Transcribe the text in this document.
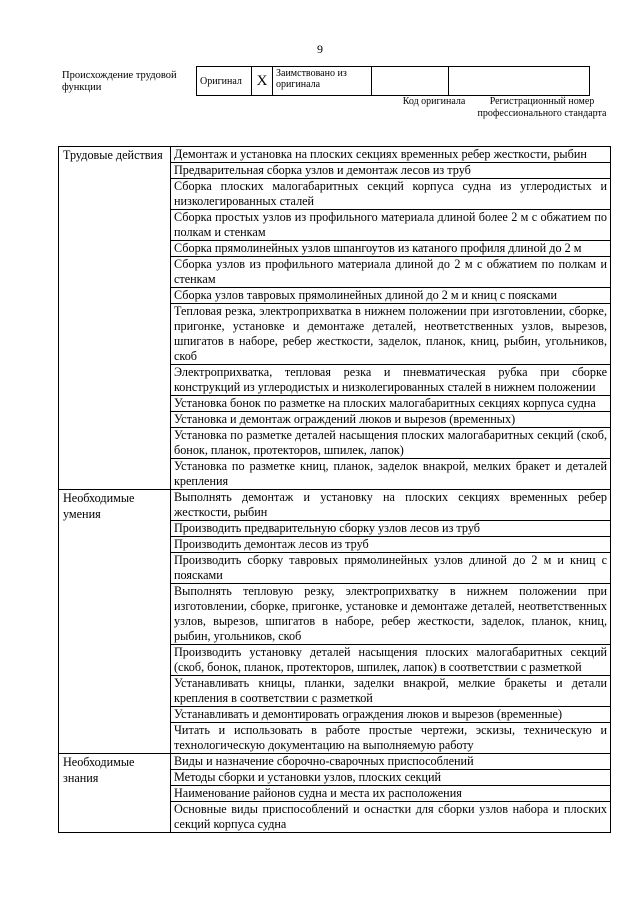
9
Происхождение трудовой функции
Оригинал	X	Заимствовано из оригинала		
Код оригинала	Регистрационный номер профессионального стандарта
Трудовые действия	Демонтаж и установка на плоских секциях временных ребер жесткости, рыбин
	Предварительная сборка узлов и демонтаж лесов из труб
	Сборка плоских малогабаритных секций корпуса судна из углеродистых и низколегированных сталей
	Сборка простых узлов из профильного материала длиной более 2 м с обжатием по полкам и стенкам
	Сборка прямолинейных узлов шпангоутов из катаного профиля длиной до 2 м
	Сборка узлов из профильного материала длиной до 2 м с обжатием по полкам и стенкам
	Сборка узлов тавровых прямолинейных длиной до 2 м и книц с поясками
	Тепловая резка, электроприхватка в нижнем положении при изготовлении, сборке, пригонке, установке и демонтаже деталей, неответственных узлов, вырезов, шпигатов в наборе, ребер жесткости, заделок, планок, книц, рыбин, угольников, скоб
	Электроприхватка, тепловая резка и пневматическая рубка при сборке конструкций из углеродистых и низколегированных сталей в нижнем положении
	Установка бонок по разметке на плоских малогабаритных секциях корпуса судна
	Установка и демонтаж ограждений люков и вырезов (временных)
	Установка по разметке деталей насыщения плоских малогабаритных секций (скоб, бонок, планок, протекторов, шпилек, лапок)
	Установка по разметке книц, планок, заделок внакрой, мелких бракет и деталей крепления
Необходимые умения	Выполнять демонтаж и установку на плоских секциях временных ребер жесткости, рыбин
	Производить предварительную сборку узлов лесов из труб
	Производить демонтаж лесов из труб
	Производить сборку тавровых прямолинейных узлов длиной до 2 м и книц с поясками
	Выполнять тепловую резку, электроприхватку в нижнем положении при изготовлении, сборке, пригонке, установке и демонтаже деталей, неответственных узлов, вырезов, шпигатов в наборе, ребер жесткости, заделок, планок, книц, рыбин, угольников, скоб
	Производить установку деталей насыщения плоских малогабаритных секций (скоб, бонок, планок, протекторов, шпилек, лапок) в соответствии с разметкой
	Устанавливать кницы, планки, заделки внакрой, мелкие бракеты и детали крепления в соответствии с разметкой
	Устанавливать и демонтировать ограждения люков и вырезов (временные)
	Читать и использовать в работе простые чертежи, эскизы, техническую и технологическую документацию на выполняемую работу
Необходимые знания	Виды и назначение сборочно-сварочных приспособлений
	Методы сборки и установки узлов, плоских секций
	Наименование районов судна и места их расположения
	Основные виды приспособлений и оснастки для сборки узлов набора и плоских секций корпуса судна
